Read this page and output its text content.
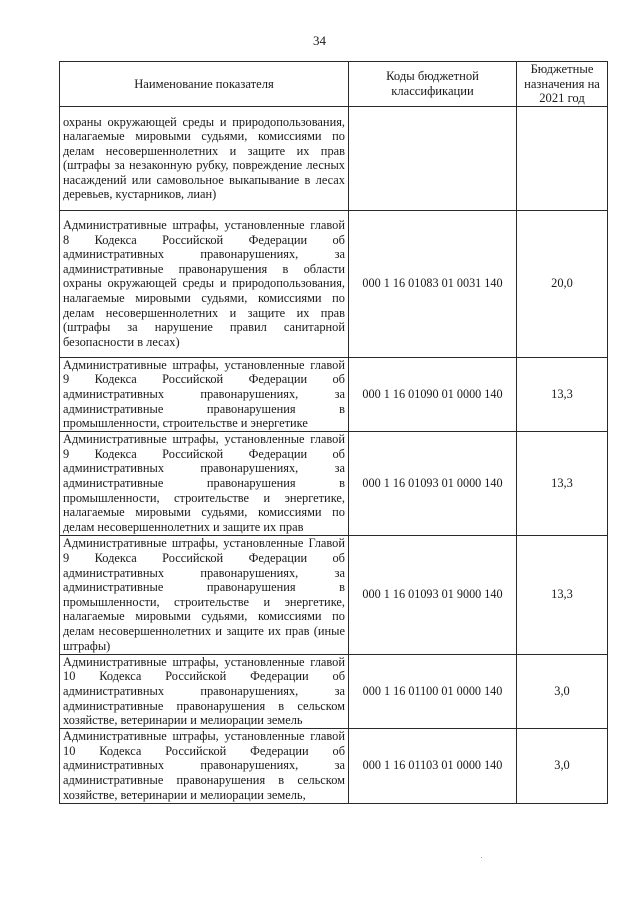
34
Наименование показателя	Коды бюджетной классификации	Бюджетные назначения на 2021 год
охраны окружающей среды и природопользования, налагаемые мировыми судьями, комиссиями по делам несовершеннолетних и защите их прав (штрафы за незаконную рубку, повреждение лесных насаждений или самовольное выкапывание в лесах деревьев, кустарников, лиан)		
Административные штрафы, установленные главой 8 Кодекса Российской Федерации об административных правонарушениях, за административные правонарушения в области охраны окружающей среды и природопользования, налагаемые мировыми судьями, комиссиями по делам несовершеннолетних и защите их прав (штрафы за нарушение правил санитарной безопасности в лесах)	000 1 16 01083 01 0031 140	20,0
Административные штрафы, установленные главой 9 Кодекса Российской Федерации об административных правонарушениях, за административные правонарушения в промышленности, строительстве и энергетике	000 1 16 01090 01 0000 140	13,3
Административные штрафы, установленные главой 9 Кодекса Российской Федерации об административных правонарушениях, за административные правонарушения в промышленности, строительстве и энергетике, налагаемые мировыми судьями, комиссиями по делам несовершеннолетних и защите их прав	000 1 16 01093 01 0000 140	13,3
Административные штрафы, установленные Главой 9 Кодекса Российской Федерации об административных правонарушениях, за административные правонарушения в промышленности, строительстве и энергетике, налагаемые мировыми судьями, комиссиями по делам несовершеннолетних и защите их прав (иные штрафы)	000 1 16 01093 01 9000 140	13,3
Административные штрафы, установленные главой 10 Кодекса Российской Федерации об административных правонарушениях, за административные правонарушения в сельском хозяйстве, ветеринарии и мелиорации земель	000 1 16 01100 01 0000 140	3,0
Административные штрафы, установленные главой 10 Кодекса Российской Федерации об административных правонарушениях, за административные правонарушения в сельском хозяйстве, ветеринарии и мелиорации земель,	000 1 16 01103 01 0000 140	3,0
